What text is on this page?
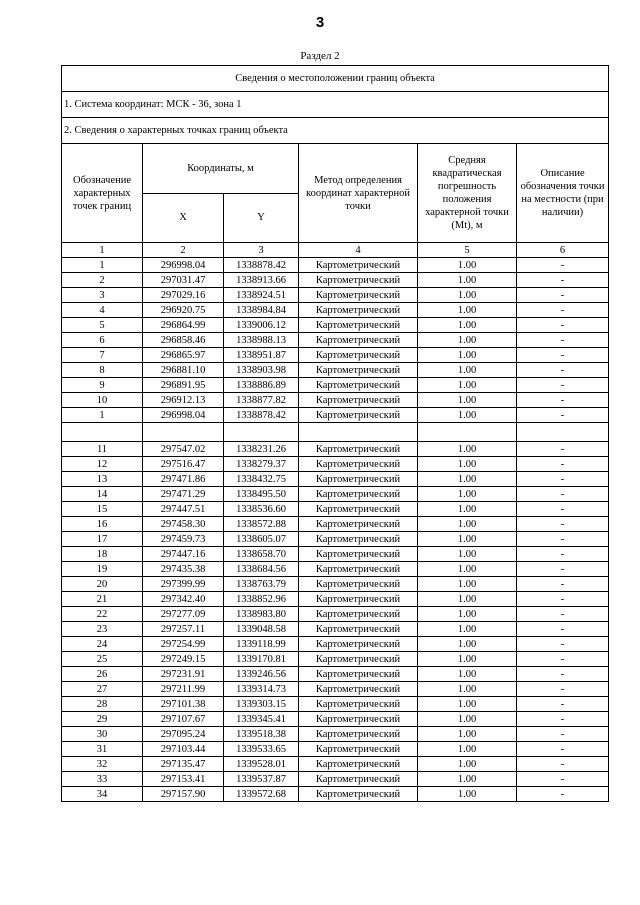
3
Раздел 2
Сведения о местоположении границ объекта					
1. Система координат: МСК - 36, зона 1					
2. Сведения о характерных точках границ объекта					
Обозначение характерных точек границ	Координаты, м		Метод определения координат характерной точки	Средняя квадратическая погрешность положения характерной точки (Mt), м	Описание обозначения точки на местности (при наличии)
	X	Y			
1	2	3	4	5	6
1	296998.04	1338878.42	Картометрический	1.00	-
2	297031.47	1338913.66	Картометрический	1.00	-
3	297029.16	1338924.51	Картометрический	1.00	-
4	296920.75	1338984.84	Картометрический	1.00	-
5	296864.99	1339006.12	Картометрический	1.00	-
6	296858.46	1338988.13	Картометрический	1.00	-
7	296865.97	1338951.87	Картометрический	1.00	-
8	296881.10	1338903.98	Картометрический	1.00	-
9	296891.95	1338886.89	Картометрический	1.00	-
10	296912.13	1338877.82	Картометрический	1.00	-
1	296998.04	1338878.42	Картометрический	1.00	-

11	297547.02	1338231.26	Картометрический	1.00	-
12	297516.47	1338279.37	Картометрический	1.00	-
13	297471.86	1338432.75	Картометрический	1.00	-
14	297471.29	1338495.50	Картометрический	1.00	-
15	297447.51	1338536.60	Картометрический	1.00	-
16	297458.30	1338572.88	Картометрический	1.00	-
17	297459.73	1338605.07	Картометрический	1.00	-
18	297447.16	1338658.70	Картометрический	1.00	-
19	297435.38	1338684.56	Картометрический	1.00	-
20	297399.99	1338763.79	Картометрический	1.00	-
21	297342.40	1338852.96	Картометрический	1.00	-
22	297277.09	1338983.80	Картометрический	1.00	-
23	297257.11	1339048.58	Картометрический	1.00	-
24	297254.99	1339118.99	Картометрический	1.00	-
25	297249.15	1339170.81	Картометрический	1.00	-
26	297231.91	1339246.56	Картометрический	1.00	-
27	297211.99	1339314.73	Картометрический	1.00	-
28	297101.38	1339303.15	Картометрический	1.00	-
29	297107.67	1339345.41	Картометрический	1.00	-
30	297095.24	1339518.38	Картометрический	1.00	-
31	297103.44	1339533.65	Картометрический	1.00	-
32	297135.47	1339528.01	Картометрический	1.00	-
33	297153.41	1339537.87	Картометрический	1.00	-
34	297157.90	1339572.68	Картометрический	1.00	-
